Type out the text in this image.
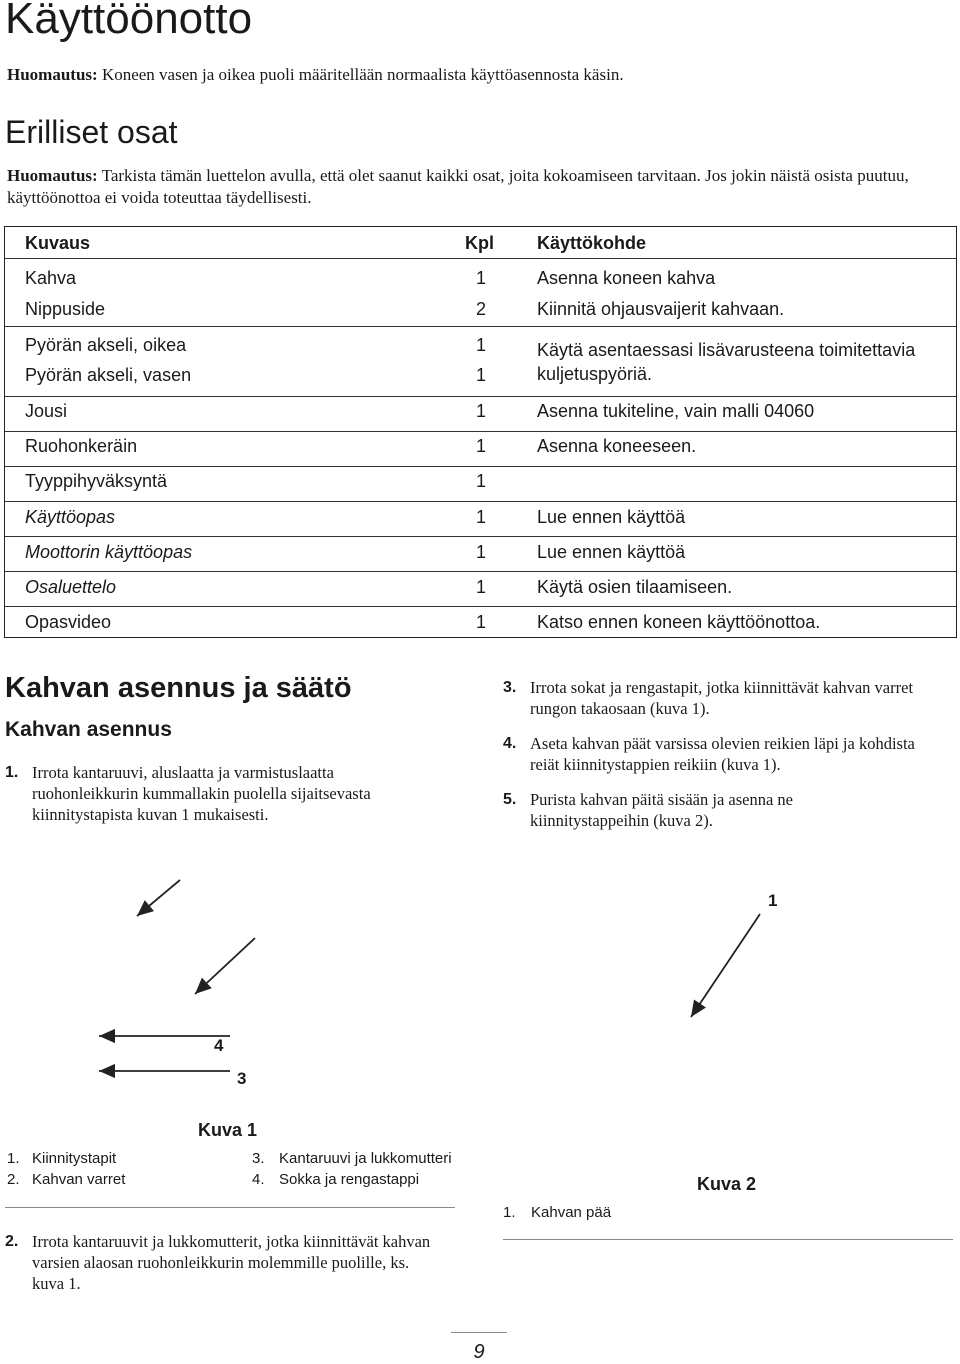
Käyttöönotto
Huomautus: Koneen vasen ja oikea puoli määritellään normaalista käyttöasennosta käsin.
Erilliset osat
Huomautus: Tarkista tämän luettelon avulla, että olet saanut kaikki osat, joita kokoamiseen tarvitaan. Jos jokin näistä osista puutuu, käyttöönottoa ei voida toteuttaa täydellisesti.
Kuvaus	Kpl Käyttökohde
Kahva	1	Asenna koneen kahva
Nippuside	2	Kiinnitä ohjausvaijerit kahvaan.
Pyörän akseli, oikea	1	Käytä asentaessasi lisävarusteena toimitettavia kuljetuspyöriä.
Pyörän akseli, vasen	1
Jousi	1	Asenna tukiteline, vain malli 04060
Ruohonkeräin	1	Asenna koneeseen.
Tyyppihyväksyntä	1
Käyttöopas	1	Lue ennen käyttöä
Moottorin käyttöopas	1	Lue ennen käyttöä
Osaluettelo	1	Käytä osien tilaamiseen.
Opasvideo	1	Katso ennen koneen käyttöönottoa.
Kahvan asennus ja säätö
Kahvan asennus
1. Irrota kantaruuvi, aluslaatta ja varmistuslaatta ruohonleikkurin kummallakin puolella sijaitsevasta kiinnitystapista kuvan 1 mukaisesti.
3. Irrota sokat ja rengastapit, jotka kiinnittävät kahvan varret rungon takaosaan (kuva 1).
4. Aseta kahvan päät varsissa olevien reikien läpi ja kohdista reiät kiinnitystappien reikiin (kuva 1).
5. Purista kahvan päitä sisään ja asenna ne kiinnitystappeihin (kuva 2).
4
3
Kuva 1
1. Kiinnitystapit
2. Kahvan varret
3. Kantaruuvi ja lukkomutteri
4. Sokka ja rengastappi
2. Irrota kantaruuvit ja lukkomutterit, jotka kiinnittävät kahvan varsien alaosan ruohonleikkurin molemmille puolille, ks. kuva 1.
1
Kuva 2
1. Kahvan pää
9
